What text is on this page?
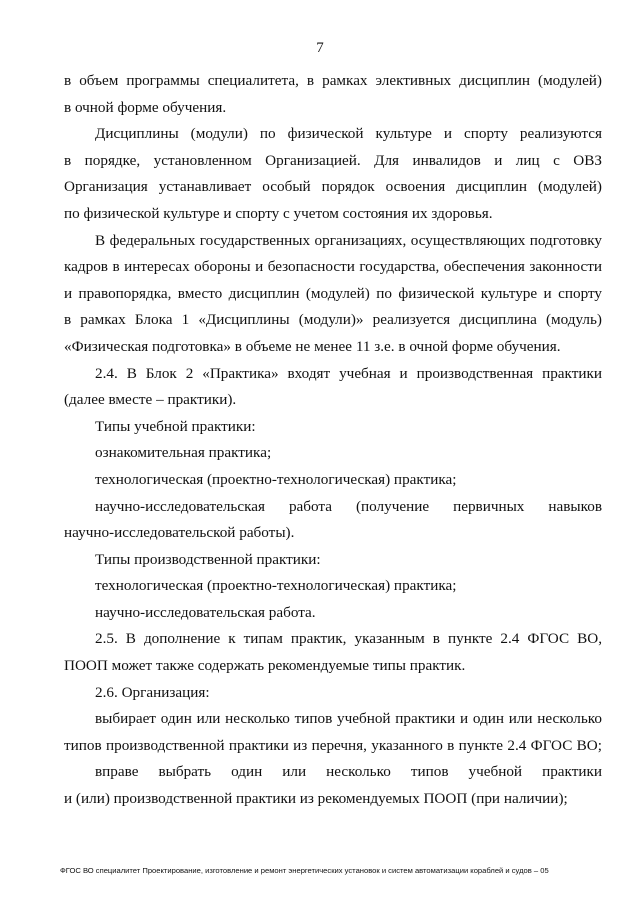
7

в объем программы специалитета, в рамках элективных дисциплин (модулей)

в очной форме обучения.

Дисциплины (модули) по физической культуре и спорту реализуются

в порядке, установленном Организацией. Для инвалидов и лиц с ОВЗ

Организация устанавливает особый порядок освоения дисциплин (модулей)

по физической культуре и спорту с учетом состояния их здоровья.

В федеральных государственных организациях, осуществляющих подготовку

кадров в интересах обороны и безопасности государства, обеспечения законности

и правопорядка, вместо дисциплин (модулей) по физической культуре и спорту

в рамках Блока 1 «Дисциплины (модули)» реализуется дисциплина (модуль)

«Физическая подготовка» в объеме не менее 11 з.е. в очной форме обучения.

2.4. В Блок 2 «Практика» входят учебная и производственная практики

(далее вместе – практики).

Типы учебной практики:

ознакомительная практика;

технологическая (проектно-технологическая) практика;

научно-исследовательская работа (получение первичных навыков

научно-исследовательской работы).

Типы производственной практики:

технологическая (проектно-технологическая) практика;

научно-исследовательская работа.

2.5. В дополнение к типам практик, указанным в пункте 2.4 ФГОС ВО,

ПООП может также содержать рекомендуемые типы практик.

2.6. Организация:

выбирает один или несколько типов учебной практики и один или несколько

типов производственной практики из перечня, указанного в пункте 2.4 ФГОС ВО;

вправе выбрать один или несколько типов учебной практики

и (или) производственной практики из рекомендуемых ПООП (при наличии);

ФГОС ВО специалитет Проектирование, изготовление и ремонт энергетических установок и систем автоматизации кораблей и судов – 05
